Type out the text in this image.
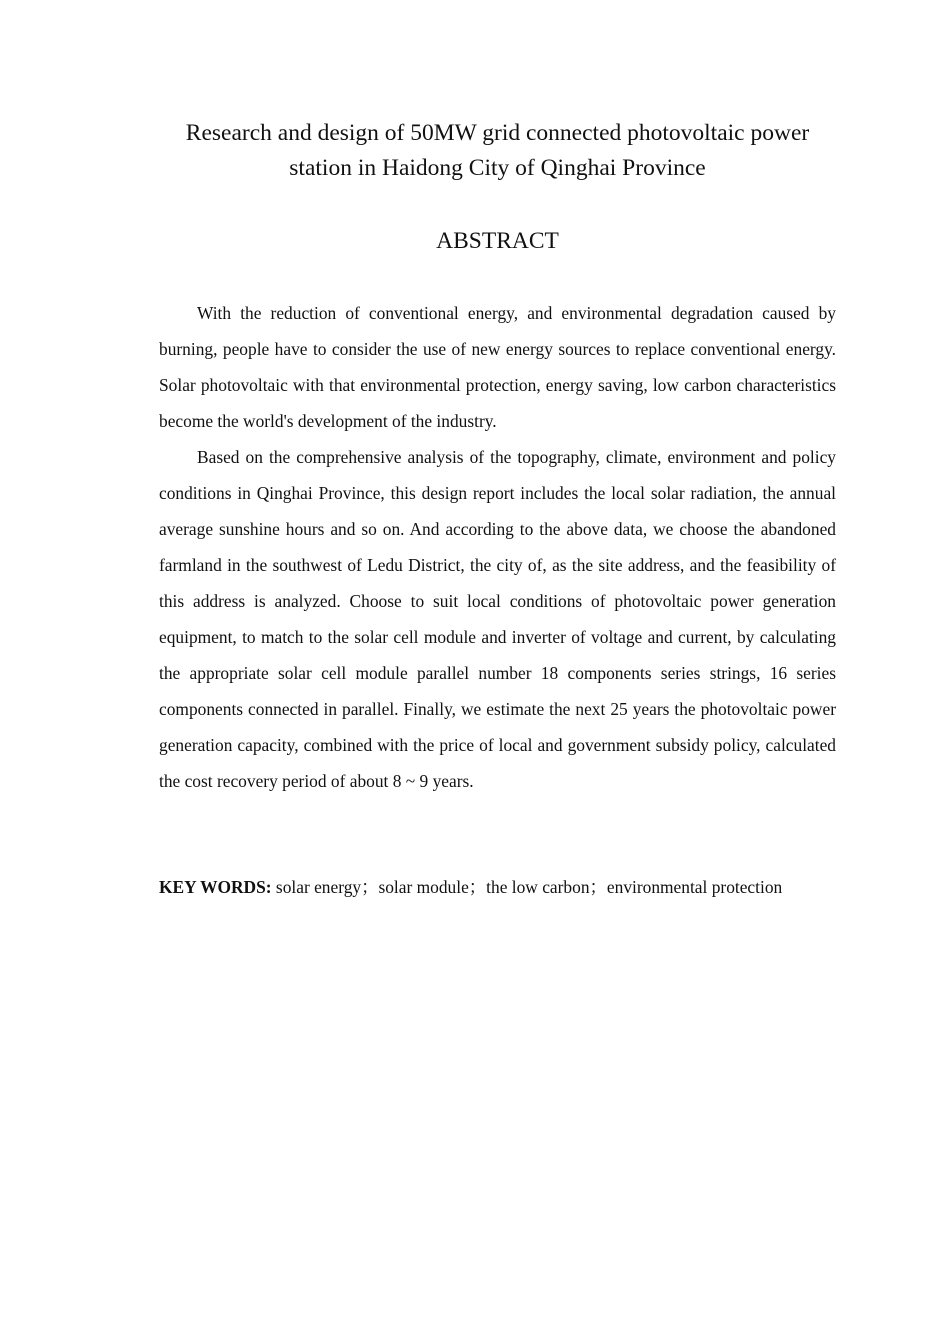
Research and design of 50MW grid connected photovoltaic power
station in Haidong City of Qinghai Province
ABSTRACT

With the reduction of conventional energy, and environmental degradation caused by burning, people have to consider the use of new energy sources to replace conventional energy. Solar photovoltaic with that environmental protection, energy saving, low carbon characteristics become the world's development of the industry.

Based on the comprehensive analysis of the topography, climate, environment and policy conditions in Qinghai Province, this design report includes the local solar radiation, the annual average sunshine hours and so on. And according to the above data, we choose the abandoned farmland in the southwest of Ledu District, the city of, as the site address, and the feasibility of this address is analyzed. Choose to suit local conditions of photovoltaic power generation equipment, to match to the solar cell module and inverter of voltage and current, by calculating the appropriate solar cell module parallel number 18 components series strings, 16 series components connected in parallel. Finally, we estimate the next 25 years the photovoltaic power generation capacity, combined with the price of local and government subsidy policy, calculated the cost recovery period of about 8 ~ 9 years.

KEY WORDS: solar energy；solar module；the low carbon；environmental protection
